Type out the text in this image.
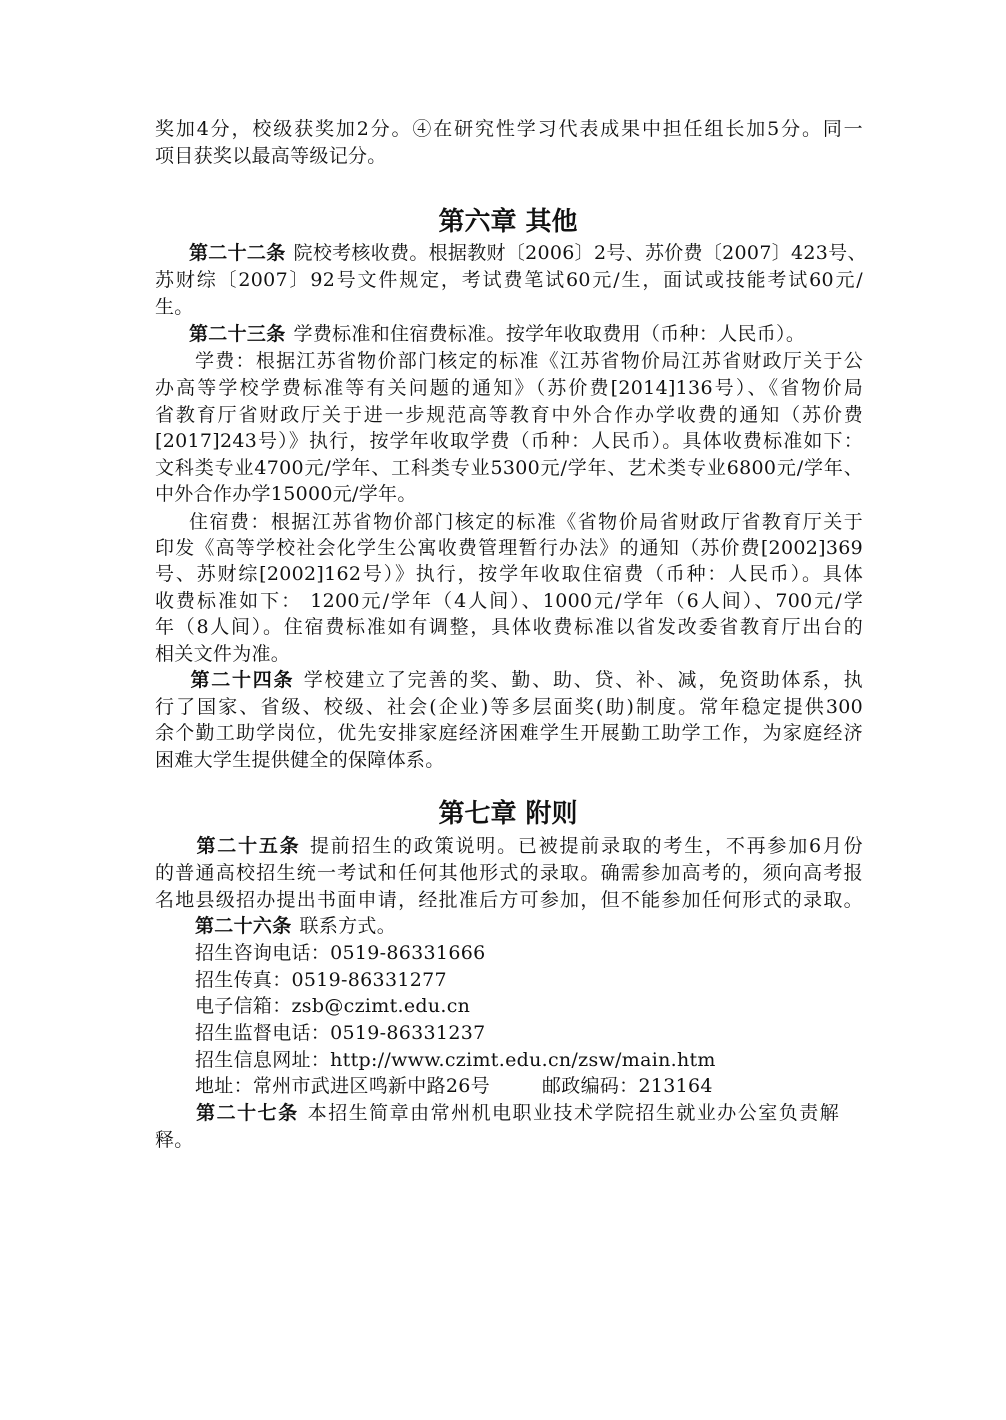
奖加4分，校级获奖加2分。④在研究性学习代表成果中担任组长加5分。同一
项目获奖以最高等级记分。
第六章 其他
第二十二条 院校考核收费。根据教财〔2006〕2号、苏价费〔2007〕423号、
苏财综〔2007〕92号文件规定，考试费笔试60元/生，面试或技能考试60元/
生。
第二十三条 学费标准和住宿费标准。按学年收取费用（币种：人民币）。
学费：根据江苏省物价部门核定的标准《江苏省物价局江苏省财政厅关于公
办高等学校学费标准等有关问题的通知》（苏价费[2014]136号）、《省物价局
省教育厅省财政厅关于进一步规范高等教育中外合作办学收费的通知（苏价费
[2017]243号）》执行，按学年收取学费（币种：人民币）。具体收费标准如下：
文科类专业4700元/学年、工科类专业5300元/学年、艺术类专业6800元/学年、
中外合作办学15000元/学年。
住宿费：根据江苏省物价部门核定的标准《省物价局省财政厅省教育厅关于
印发《高等学校社会化学生公寓收费管理暂行办法》的通知（苏价费[2002]369
号、苏财综[2002]162号）》执行，按学年收取住宿费（币种：人民币）。具体
收费标准如下： 1200元/学年（4人间）、1000元/学年（6人间）、700元/学
年（8人间）。住宿费标准如有调整，具体收费标准以省发改委省教育厅出台的
相关文件为准。
第二十四条 学校建立了完善的奖、勤、助、贷、补、减，免资助体系，执
行了国家、省级、校级、社会(企业)等多层面奖(助)制度。常年稳定提供300
余个勤工助学岗位，优先安排家庭经济困难学生开展勤工助学工作，为家庭经济
困难大学生提供健全的保障体系。
第七章 附则
第二十五条 提前招生的政策说明。已被提前录取的考生，不再参加6月份
的普通高校招生统一考试和任何其他形式的录取。确需参加高考的，须向高考报
名地县级招办提出书面申请，经批准后方可参加，但不能参加任何形式的录取。
第二十六条 联系方式。
招生咨询电话：0519-86331666
招生传真：0519-86331277
电子信箱：zsb@czimt.edu.cn
招生监督电话：0519-86331237
招生信息网址：http://www.czimt.edu.cn/zsw/main.htm
地址：常州市武进区鸣新中路26号	邮政编码：213164
第二十七条 本招生简章由常州机电职业技术学院招生就业办公室负责解
释。
